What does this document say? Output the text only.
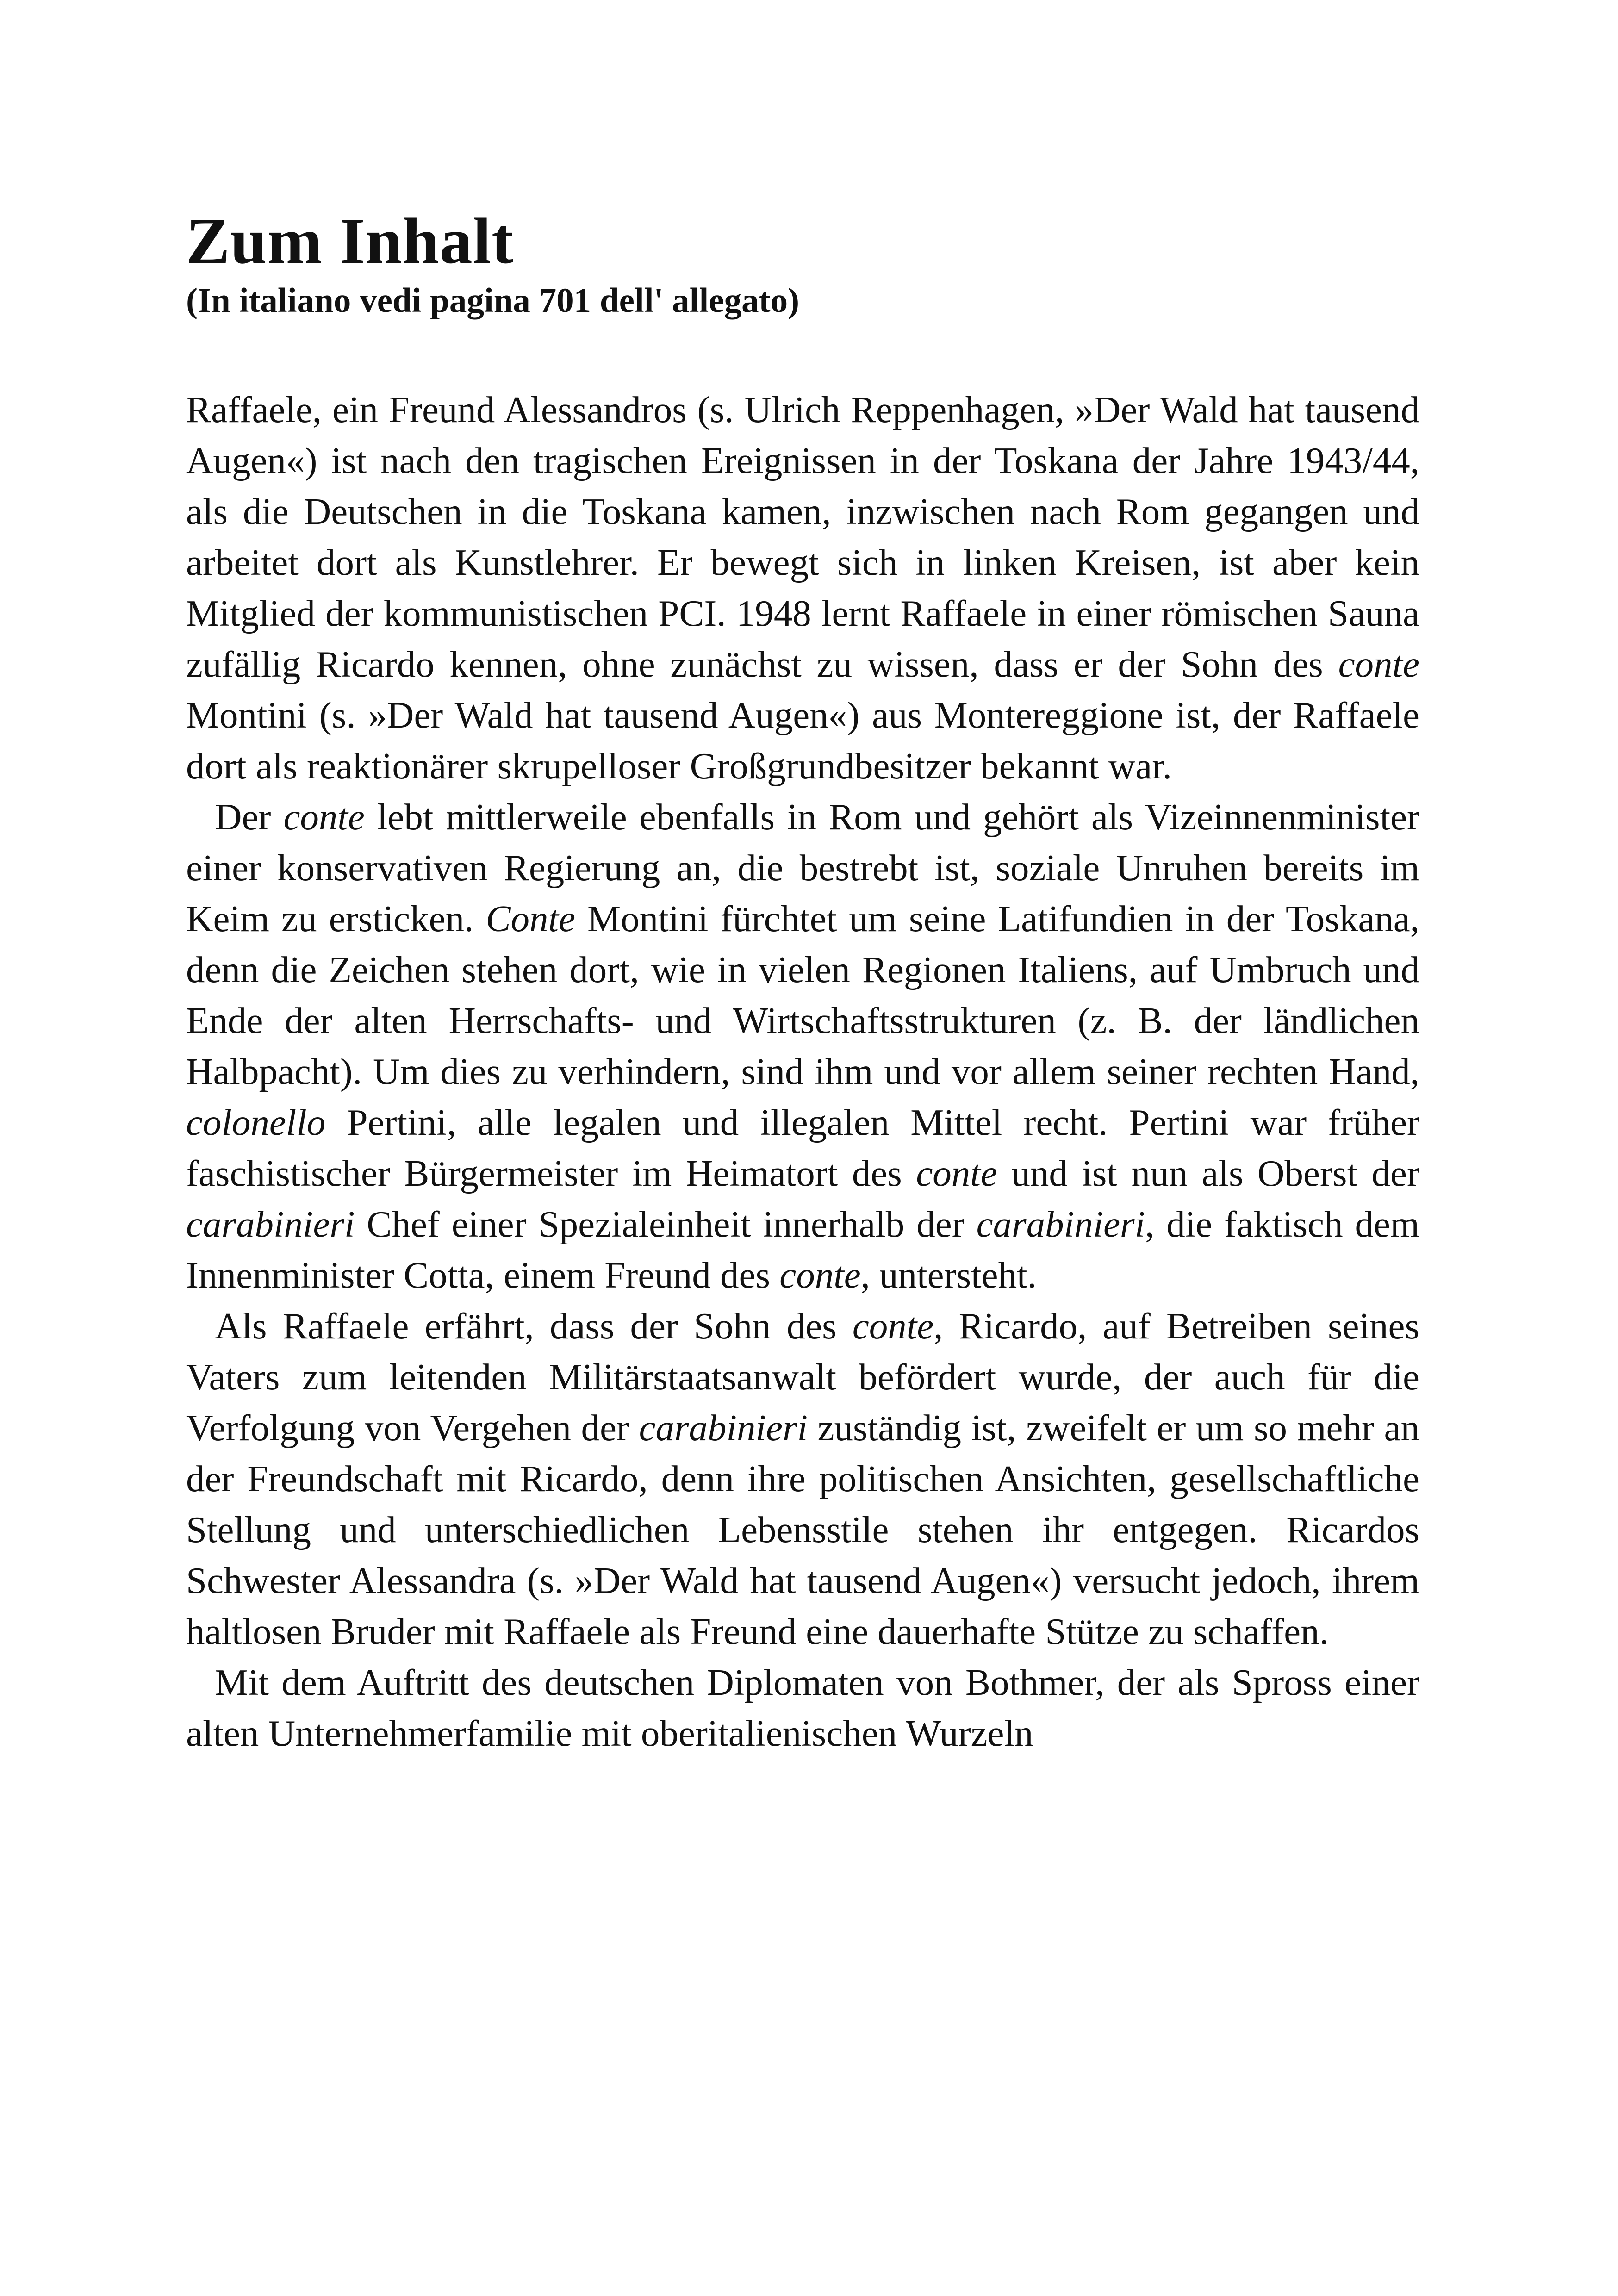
Zum Inhalt
(In italiano vedi pagina 701 dell' allegato)

Raffaele, ein Freund Alessandros (s. Ulrich Reppenhagen, »Der Wald hat tausend Augen«) ist nach den tragischen Ereignissen in der Toskana der Jahre 1943/44, als die Deutschen in die Toskana kamen, inzwischen nach Rom gegangen und arbeitet dort als Kunstlehrer. Er bewegt sich in linken Kreisen, ist aber kein Mitglied der kommunistischen PCI. 1948 lernt Raffaele in einer römischen Sauna zufällig Ricardo kennen, ohne zunächst zu wissen, dass er der Sohn des conte Montini (s. »Der Wald hat tausend Augen«) aus Montereggione ist, der Raffaele dort als reaktionärer skrupelloser Großgrundbesitzer bekannt war.

Der conte lebt mittlerweile ebenfalls in Rom und gehört als Vizeinnenminister einer konservativen Regierung an, die bestrebt ist, soziale Unruhen bereits im Keim zu ersticken. Conte Montini fürchtet um seine Latifundien in der Toskana, denn die Zeichen stehen dort, wie in vielen Regionen Italiens, auf Umbruch und Ende der alten Herrschafts- und Wirtschaftsstrukturen (z. B. der ländlichen Halbpacht). Um dies zu verhindern, sind ihm und vor allem seiner rechten Hand, colonello Pertini, alle legalen und illegalen Mittel recht. Pertini war früher faschistischer Bürgermeister im Heimatort des conte und ist nun als Oberst der carabinieri Chef einer Spezialeinheit innerhalb der carabinieri, die faktisch dem Innenminister Cotta, einem Freund des conte, untersteht.

Als Raffaele erfährt, dass der Sohn des conte, Ricardo, auf Betreiben seines Vaters zum leitenden Militärstaatsanwalt befördert wurde, der auch für die Verfolgung von Vergehen der carabinieri zuständig ist, zweifelt er um so mehr an der Freundschaft mit Ricardo, denn ihre politischen Ansichten, gesellschaftliche Stellung und unterschiedlichen Lebensstile stehen ihr entgegen. Ricardos Schwester Alessandra (s. »Der Wald hat tausend Augen«) versucht jedoch, ihrem haltlosen Bruder mit Raffaele als Freund eine dauerhafte Stütze zu schaffen.

Mit dem Auftritt des deutschen Diplomaten von Bothmer, der als Spross einer alten Unternehmerfamilie mit oberitalienischen Wurzeln
